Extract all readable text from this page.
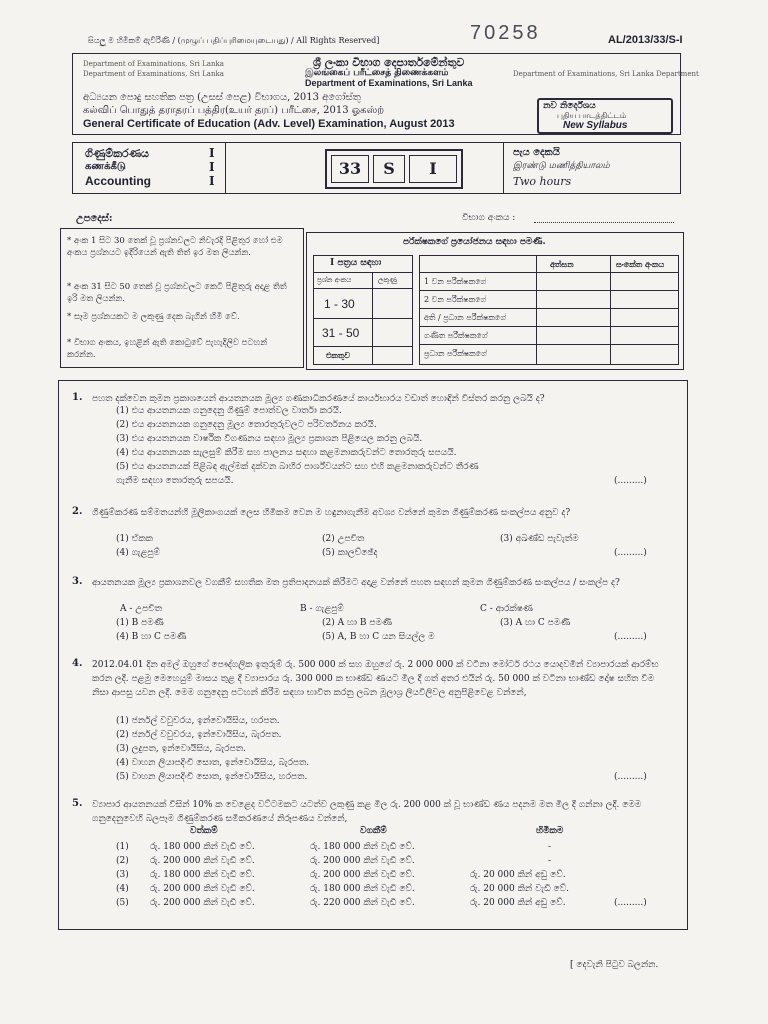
සියලු ම හිමිකම් ඇවිරිණි / (முழுப் பதிப்புரிமையுடையது) / All Rights Reserved]	70258	AL/2013/33/S-I
Department of Examinations, Sri Lanka
Department of Examinations, Sri Lanka	Department of Examinations, Sri Lanka Department
ශ්‍රී ලංකා විභාග දෙපාර්තමේන්තුව
இலங்கைப் பரீட்சைத் திணைக்களம்
Department of Examinations, Sri Lanka
අධ්‍යයන පොදු සහතික පත්‍ර (උසස් පෙළ) විභාගය, 2013 අගෝස්තු
கல்விப் பொதுத் தராதரப் பத்திர(உயர் தரப்) பரீட்சை, 2013 ஓகஸ்ற்
General Certificate of Education (Adv. Level) Examination, August 2013
නව නිර්දේශය
புதிய பாடத்திட்டம்
New Syllabus
ගිණුම්කරණය
கணக்கீடு
Accounting
I
I
I
33	S	I
පැය දෙකයි
இரண்டு மணித்தியாலம்
Two hours
උපදෙස්:	විභාග අංකය :
* අංක 1 සිට 30 තෙක් වූ ප්‍රශ්නවලට නිවැරදි පිළිතුර හෝ එම අංකය ප්‍රශ්නයට ඉදිරියෙන් ඇති තිත් ඉර මත ලියන්න.
* අංක 31 සිට 50 තෙක් වූ ප්‍රශ්නවලට කෙටි පිළිතුරු අදාළ තිත් ඉරි මත ලියන්න.
* සෑම ප්‍රශ්නයකට ම ලකුණු දෙක බැගින් හිමි වේ.
* විභාග අංකය, ඉහළින් ඇති කොටුවේ පැහැදිලිව පටහන් කරන්න.
පරීක්ෂකගේ ප්‍රයෝජනය සඳහා පමණි.
I පත්‍රය සඳහා
ප්‍රශ්න අංකය	ලකුණු
1 - 30
31 - 50
එකතුව
අත්සන	සංකේත අංකය
1 වන පරීක්ෂකගේ
2 වන පරීක්ෂකගේ
අති / ප්‍රධාන පරීක්ෂකගේ
ගණිත පරීක්ෂකගේ
ප්‍රධාන පරීක්ෂකගේ
1. පහත දක්වෙන කුමන ප්‍රකාශයෙන් ආයතනයක මූල්‍ය ගණකාධිකරණයේ කාර්යභාරය වඩාත් හොඳින් විස්තර කරනු ලබයි ද?
(1) එය ආයතනයක ගනුදෙනු ගිණුම් පොත්වල වාර්තා කරයි.
(2) එය ආයතනයක ගනුදෙනු මූල්‍ය තොරතුරුවලට පරිවර්තනය කරයි.
(3) එය ආයතනයක වාර්ෂික විගණනය සඳහා මූල්‍ය ප්‍රකාශන පිළියෙල කරනු ලබයි.
(4) එය ආයතනයක සැලසුම් කිරීම සහ පාලනය සඳහා කළමනාකරුවන්ට තොරතුරු සපයයි.
(5) එය ආයතනයක් පිළිබඳ ඇල්මක් දක්වන බාහිර පාර්ශ්වයන්ට සහ එහි කළමනාකරුවන්ට තීරණ
ගැනීම සඳහා තොරතුරු සපයයි.	(.........)
2. ගිණුම්කරණ සම්මතයන්හි මූලිකාංගයක් ලෙස හිමිකම වෙන ම හඳුනාගැනීම අවශ්‍ය වන්නේ කුමන ගිණුම්කරණ සංකල්පය අනුව ද?
(1) ඒකක	(2) උපචිත	(3) අඛණ්ඩ පැවැත්ම
(4) ගැළපුම්	(5) කාලච්ඡේද	(.........)
3. ආයතනයක මූල්‍ය ප්‍රකාශනවල වගකීම් සහතික මත ප්‍රතිපාදනයක් කිරීමට අදාළ වන්නේ පහත සඳහන් කුමන ගිණුම්කරණ සංකල්පය / සංකල්ප ද?
A - උපචිත	B - ගැළපුම්	C - ආරක්ෂණ
(1) B පමණි	(2) A හා B පමණි	(3) A හා C පමණි
(4) B හා C පමණි	(5) A, B හා C යන සියල්ල ම	(.........)
4. 2012.04.01 දින අමල් ඔහුගේ පෞද්ගලික ඉතුරුම් රු. 500 000 ක් සහ ඔහුගේ රු. 2 000 000 ක් වටිනා මෝටර් රථය යොදවමින් ව්‍යාපාරයක් ආරම්භ කරන ලදී. පළමු මෙහෙයුම් මාසය තුළ දී ව්‍යාපාරය රු. 300 000 ක භාණ්ඩ ණයට මිල දී ගත් අතර එයින් රු. 50 000 ක් වටිනා භාණ්ඩ දෝෂ සහිත වීම නිසා ආපසු යවන ලදී. මෙම ගනුදෙනු පටහන් කිරීම සඳහා භාවිත කරනු ලබන මූලාශ්‍ර ලියවිලිවල අනුපිළිවෙළ වන්නේ,
(1) ජර්නල් වවුචරය, ඉන්වොයිසිය, හරපත.
(2) ජර්නල් වවුචරය, ඉන්වොයිසිය, බැරපත.
(3) ලදුපත, ඉන්වොයිසිය, බැරපත.
(4) වාහන ලියාපදිංචි සොත, ඉන්වොයිසිය, බැරපත.
(5) වාහන ලියාපදිංචි සොත, ඉන්වොයිසිය, හරපත.	(.........)
5. ව්‍යාපාර ආයතනයක් විසින් 10% ක වෙළෙද වට්ටමකට යටත්ව ලකුණු කළ මිල රු. 200 000 ක් වූ භාණ්ඩ ණය පදනම මත මිල දී ගන්නා ලදී. මෙම ගනුදෙනුවෙහි බලපෑම ගිණුම්කරණ සමීකරණයේ නිරූපණය වන්නේ,
වත්කම්	වගකීම්	හිමිකම
(1) රු. 180 000 කින් වැඩි වේ.	රු. 180 000 කින් වැඩි වේ.	-
(2) රු. 200 000 කින් වැඩි වේ.	රු. 200 000 කින් වැඩි වේ.	-
(3) රු. 180 000 කින් වැඩි වේ.	රු. 200 000 කින් වැඩි වේ.	රු. 20 000 කින් අඩු වේ.
(4) රු. 200 000 කින් වැඩි වේ.	රු. 180 000 කින් වැඩි වේ.	රු. 20 000 කින් වැඩි වේ.
(5) රු. 200 000 කින් වැඩි වේ.	රු. 220 000 කින් වැඩි වේ.	රු. 20 000 කින් අඩු වේ.	(.........)
[ දෙවැනි පිටුව බලන්න.
